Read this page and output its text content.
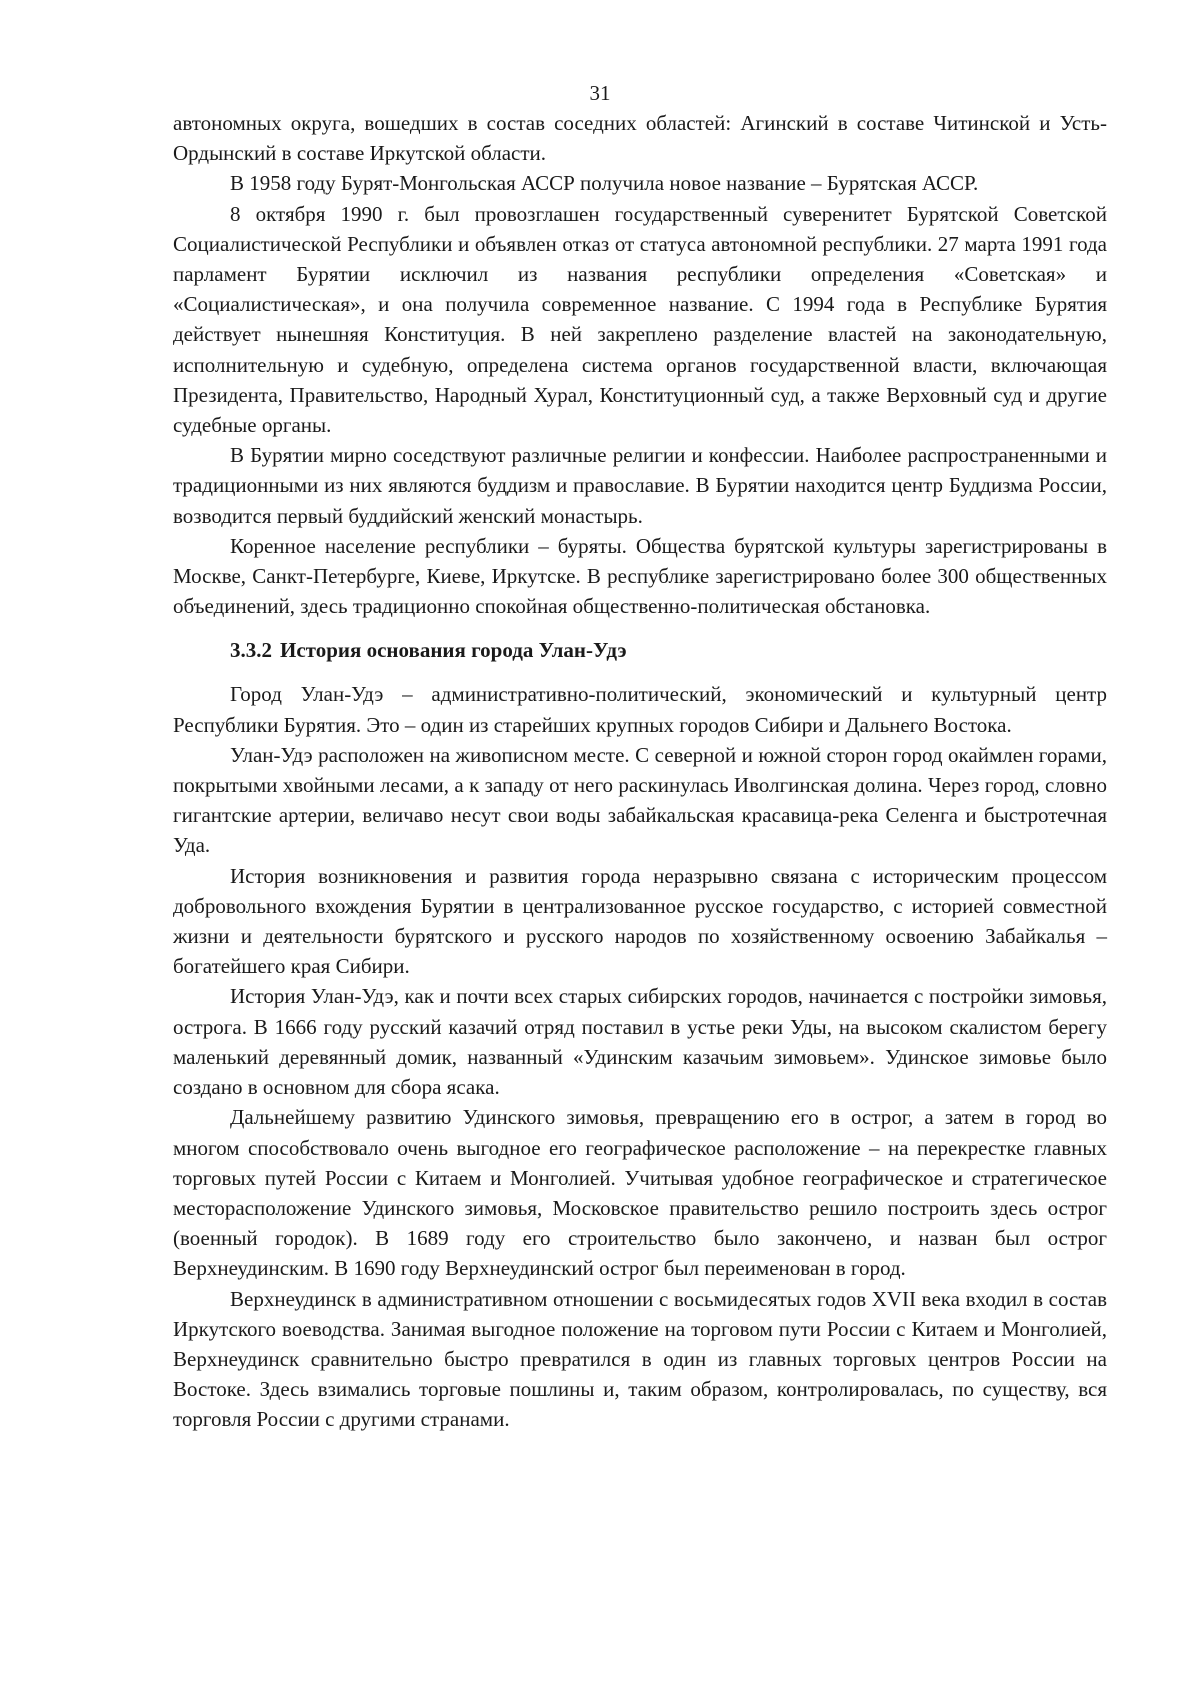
31

автономных округа, вошедших в состав соседних областей: Агинский в составе Читинской и Усть-Ордынский в составе Иркутской области.

В 1958 году Бурят-Монгольская АССР получила новое название – Бурятская АССР.

8 октября 1990 г. был провозглашен государственный суверенитет Бурятской Советской Социалистической Республики и объявлен отказ от статуса автономной республики. 27 марта 1991 года парламент Бурятии исключил из названия республики определения «Советская» и «Социалистическая», и она получила современное название. С 1994 года в Республике Бурятия действует нынешняя Конституция. В ней закреплено разделение властей на законодательную, исполнительную и судебную, определена система органов государственной власти, включающая Президента, Правительство, Народный Хурал, Конституционный суд, а также Верховный суд и другие судебные органы.

В Бурятии мирно соседствуют различные религии и конфессии. Наиболее распространенными и традиционными из них являются буддизм и православие. В Бурятии находится центр Буддизма России, возводится первый буддийский женский монастырь.

Коренное население республики – буряты. Общества бурятской культуры зарегистрированы в Москве, Санкт-Петербурге, Киеве, Иркутске. В республике зарегистрировано более 300 общественных объединений, здесь традиционно спокойная общественно-политическая обстановка.

3.3.2 История основания города Улан-Удэ

Город Улан-Удэ – административно-политический, экономический и культурный центр Республики Бурятия. Это – один из старейших крупных городов Сибири и Дальнего Востока.

Улан-Удэ расположен на живописном месте. С северной и южной сторон город окаймлен горами, покрытыми хвойными лесами, а к западу от него раскинулась Иволгинская долина. Через город, словно гигантские артерии, величаво несут свои воды забайкальская красавица-река Селенга и быстротечная Уда.

История возникновения и развития города неразрывно связана с историческим процессом добровольного вхождения Бурятии в централизованное русское государство, с историей совместной жизни и деятельности бурятского и русского народов по хозяйственному освоению Забайкалья – богатейшего края Сибири.

История Улан-Удэ, как и почти всех старых сибирских городов, начинается с постройки зимовья, острога. В 1666 году русский казачий отряд поставил в устье реки Уды, на высоком скалистом берегу маленький деревянный домик, названный «Удинским казачьим зимовьем». Удинское зимовье было создано в основном для сбора ясака.

Дальнейшему развитию Удинского зимовья, превращению его в острог, а затем в город во многом способствовало очень выгодное его географическое расположение – на перекрестке главных торговых путей России с Китаем и Монголией. Учитывая удобное географическое и стратегическое месторасположение Удинского зимовья, Московское правительство решило построить здесь острог (военный городок). В 1689 году его строительство было закончено, и назван был острог Верхнеудинским. В 1690 году Верхнеудинский острог был переименован в город.

Верхнеудинск в административном отношении с восьмидесятых годов XVII века входил в состав Иркутского воеводства. Занимая выгодное положение на торговом пути России с Китаем и Монголией, Верхнеудинск сравнительно быстро превратился в один из главных торговых центров России на Востоке. Здесь взимались торговые пошлины и, таким образом, контролировалась, по существу, вся торговля России с другими странами.
